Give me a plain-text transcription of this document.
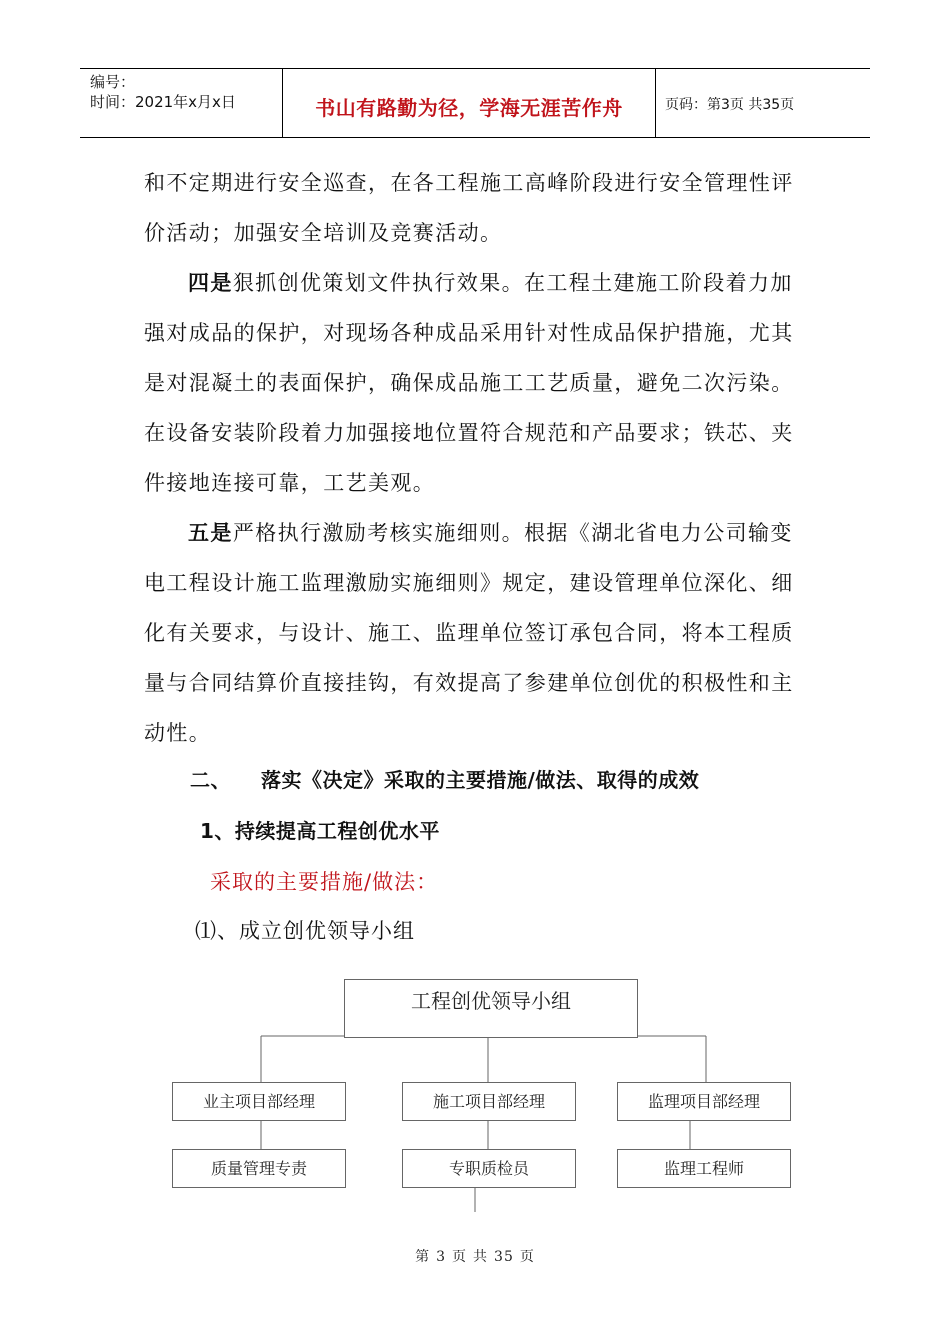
编号：
时间：2021年x月x日	书山有路勤为径，学海无涯苦作舟	页码：第3页 共35页
和不定期进行安全巡查，在各工程施工高峰阶段进行安全管理性评
价活动；加强安全培训及竞赛活动。
四是狠抓创优策划文件执行效果。在工程土建施工阶段着力加强对成品的保护，对现场各种成品采用针对性成品保护措施，尤其是对混凝土的表面保护，确保成品施工工艺质量，避免二次污染。在设备安装阶段着力加强接地位置符合规范和产品要求；铁芯、夹件接地连接可靠，工艺美观。
五是严格执行激励考核实施细则。根据《湖北省电力公司输变电工程设计施工监理激励实施细则》规定，建设管理单位深化、细化有关要求，与设计、施工、监理单位签订承包合同，将本工程质量与合同结算价直接挂钩，有效提高了参建单位创优的积极性和主动性。
二、 落实《决定》采取的主要措施/做法、取得的成效
1、持续提高工程创优水平
采取的主要措施/做法：
⑴、成立创优领导小组
工程创优领导小组
业主项目部经理	施工项目部经理	监理项目部经理
质量管理专责	专职质检员	监理工程师
第 3 页 共 35 页
